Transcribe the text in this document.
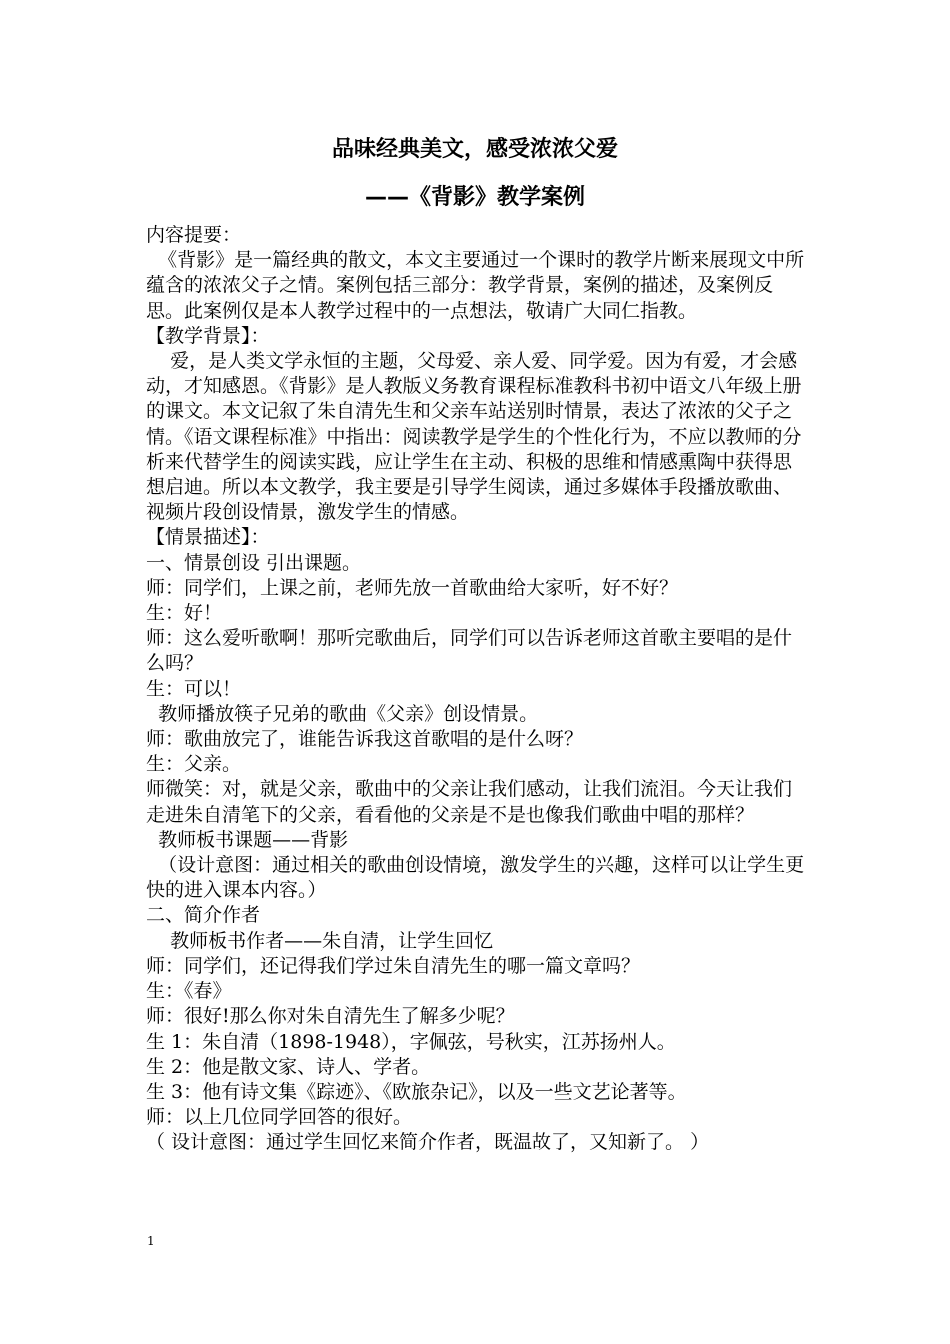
品味经典美文，感受浓浓父爱
——《背影》教学案例

内容提要：

《背影》是一篇经典的散文，本文主要通过一个课时的教学片断来展现文中所蕴含的浓浓父子之情。案例包括三部分：教学背景，案例的描述，及案例反思。此案例仅是本人教学过程中的一点想法，敬请广大同仁指教。

【教学背景】：

爱，是人类文学永恒的主题，父母爱、亲人爱、同学爱。因为有爱，才会感动，才知感恩。《背影》是人教版义务教育课程标准教科书初中语文八年级上册的课文。本文记叙了朱自清先生和父亲车站送别时情景，表达了浓浓的父子之情。《语文课程标准》中指出：阅读教学是学生的个性化行为，不应以教师的分析来代替学生的阅读实践，应让学生在主动、积极的思维和情感熏陶中获得思想启迪。所以本文教学，我主要是引导学生阅读，通过多媒体手段播放歌曲、视频片段创设情景，激发学生的情感。

【情景描述】：

一、情景创设 引出课题。

师：同学们，上课之前，老师先放一首歌曲给大家听，好不好？

生：好！

师：这么爱听歌啊！那听完歌曲后，同学们可以告诉老师这首歌主要唱的是什么吗？

生：可以！

教师播放筷子兄弟的歌曲《父亲》创设情景。

师：歌曲放完了，谁能告诉我这首歌唱的是什么呀？

生：父亲。

师微笑：对，就是父亲，歌曲中的父亲让我们感动，让我们流泪。今天让我们走进朱自清笔下的父亲，看看他的父亲是不是也像我们歌曲中唱的那样？

教师板书课题——背影

（设计意图：通过相关的歌曲创设情境，激发学生的兴趣，这样可以让学生更快的进入课本内容。）

二、简介作者

教师板书作者——朱自清，让学生回忆

师：同学们，还记得我们学过朱自清先生的哪一篇文章吗？

生：《春》

师：很好!那么你对朱自清先生了解多少呢？

生 1：朱自清（1898-1948），字佩弦，号秋实，江苏扬州人。

生 2：他是散文家、诗人、学者。

生 3：他有诗文集《踪迹》、《欧旅杂记》，以及一些文艺论著等。

师：以上几位同学回答的很好。

（ 设计意图：通过学生回忆来简介作者，既温故了，又知新了。 ）

1
